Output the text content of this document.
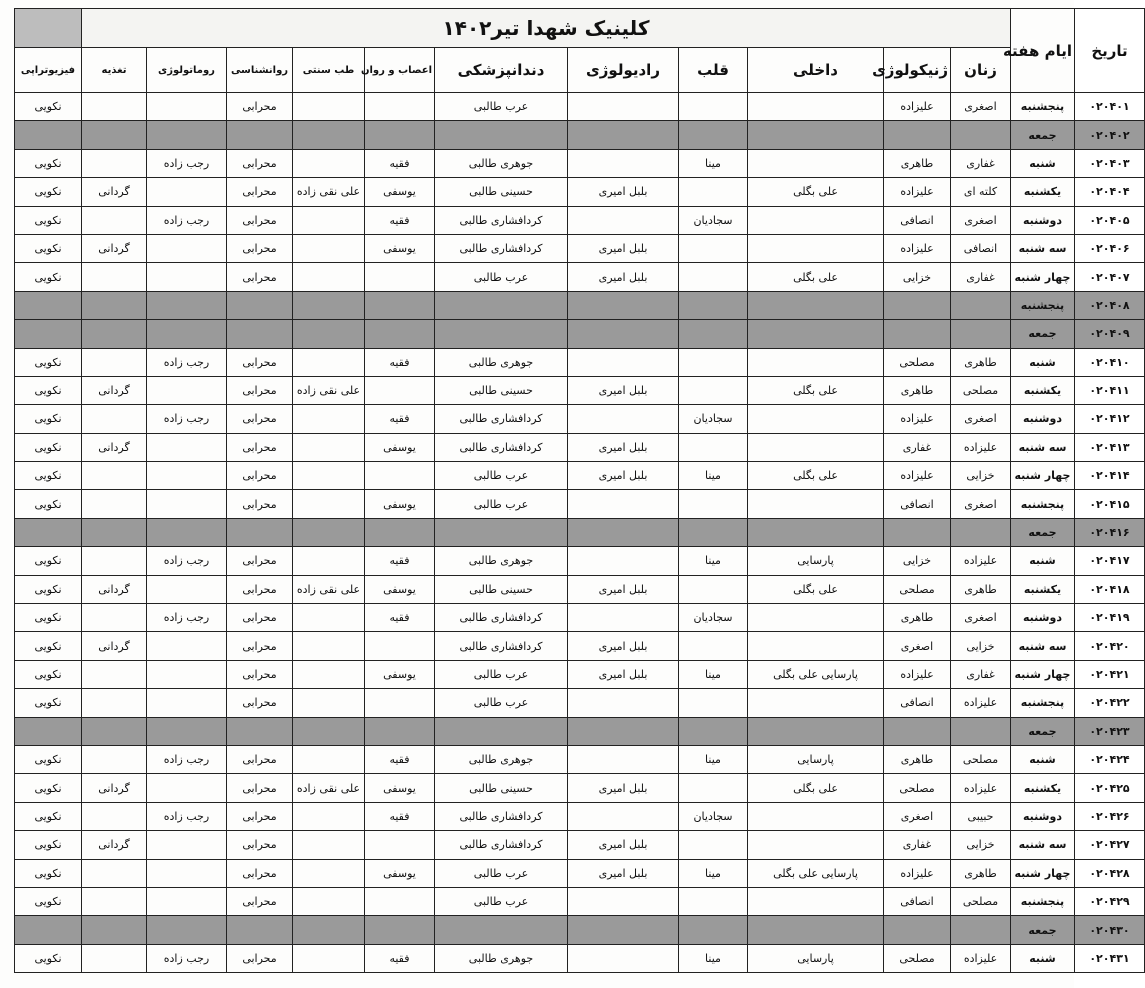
تاریخ	ایام هفته	کلینیک شهدا تیر۱۴۰۲											
		زنان	ژنیکولوژی	داخلی	قلب	رادیولوژی	دندانپزشکی	اعصاب و روان	طب سنتی	روانشناسی	روماتولوژی	تغذیه	فیزیوتراپی
۰۲۰۴۰۱	پنجشنبه	اصغری	علیزاده				عرب طالبی			محرابی			نکویی
۰۲۰۴۰۲	جمعه												
۰۲۰۴۰۳	شنبه	غفاری	طاهری		مینا		جوهری طالبی	فقیه		محرابی	رجب زاده		نکویی
۰۲۰۴۰۴	یکشنبه	کلته ای	علیزاده	علی بگلی		بلبل امیری	حسینی طالبی	یوسفی	علی نقی زاده	محرابی		گردانی	نکویی
۰۲۰۴۰۵	دوشنبه	اصغری	انصافی		سجادیان		کردافشاری طالبی	فقیه		محرابی	رجب زاده		نکویی
۰۲۰۴۰۶	سه شنبه	انصافی	علیزاده			بلبل امیری	کردافشاری طالبی	یوسفی		محرابی		گردانی	نکویی
۰۲۰۴۰۷	چهار شنبه	غفاری	خزایی	علی بگلی		بلبل امیری	عرب طالبی			محرابی			نکویی
۰۲۰۴۰۸	پنجشنبه												
۰۲۰۴۰۹	جمعه												
۰۲۰۴۱۰	شنبه	طاهری	مصلحی				جوهری طالبی	فقیه		محرابی	رجب زاده		نکویی
۰۲۰۴۱۱	یکشنبه	مصلحی	طاهری	علی بگلی		بلبل امیری	حسینی طالبی		علی نقی زاده	محرابی		گردانی	نکویی
۰۲۰۴۱۲	دوشنبه	اصغری	علیزاده		سجادیان		کردافشاری طالبی	فقیه		محرابی	رجب زاده		نکویی
۰۲۰۴۱۳	سه شنبه	علیزاده	غفاری			بلبل امیری	کردافشاری طالبی	یوسفی		محرابی		گردانی	نکویی
۰۲۰۴۱۴	چهار شنبه	خزایی	علیزاده	علی بگلی	مینا	بلبل امیری	عرب طالبی			محرابی			نکویی
۰۲۰۴۱۵	پنجشنبه	اصغری	انصافی				عرب طالبی	یوسفی		محرابی			نکویی
۰۲۰۴۱۶	جمعه												
۰۲۰۴۱۷	شنبه	علیزاده	خزایی	پارسایی	مینا		جوهری طالبی	فقیه		محرابی	رجب زاده		نکویی
۰۲۰۴۱۸	یکشنبه	طاهری	مصلحی	علی بگلی		بلبل امیری	حسینی طالبی	یوسفی	علی نقی زاده	محرابی		گردانی	نکویی
۰۲۰۴۱۹	دوشنبه	اصغری	طاهری		سجادیان		کردافشاری طالبی	فقیه		محرابی	رجب زاده		نکویی
۰۲۰۴۲۰	سه شنبه	خزایی	اصغری			بلبل امیری	کردافشاری طالبی			محرابی		گردانی	نکویی
۰۲۰۴۲۱	چهار شنبه	غفاری	علیزاده	پارسایی علی بگلی	مینا	بلبل امیری	عرب طالبی	یوسفی		محرابی			نکویی
۰۲۰۴۲۲	پنجشنبه	علیزاده	انصافی				عرب طالبی			محرابی			نکویی
۰۲۰۴۲۳	جمعه												
۰۲۰۴۲۴	شنبه	مصلحی	طاهری	پارسایی	مینا		جوهری طالبی	فقیه		محرابی	رجب زاده		نکویی
۰۲۰۴۲۵	یکشنبه	علیزاده	مصلحی	علی بگلی		بلبل امیری	حسینی طالبی	یوسفی	علی نقی زاده	محرابی		گردانی	نکویی
۰۲۰۴۲۶	دوشنبه	حبیبی	اصغری		سجادیان		کردافشاری طالبی	فقیه		محرابی	رجب زاده		نکویی
۰۲۰۴۲۷	سه شنبه	خزایی	غفاری			بلبل امیری	کردافشاری طالبی			محرابی		گردانی	نکویی
۰۲۰۴۲۸	چهار شنبه	طاهری	علیزاده	پارسایی علی بگلی	مینا	بلبل امیری	عرب طالبی	یوسفی		محرابی			نکویی
۰۲۰۴۲۹	پنجشنبه	مصلحی	انصافی				عرب طالبی			محرابی			نکویی
۰۲۰۴۳۰	جمعه												
۰۲۰۴۳۱	شنبه	علیزاده	مصلحی	پارسایی	مینا		جوهری طالبی	فقیه		محرابی	رجب زاده		نکویی
